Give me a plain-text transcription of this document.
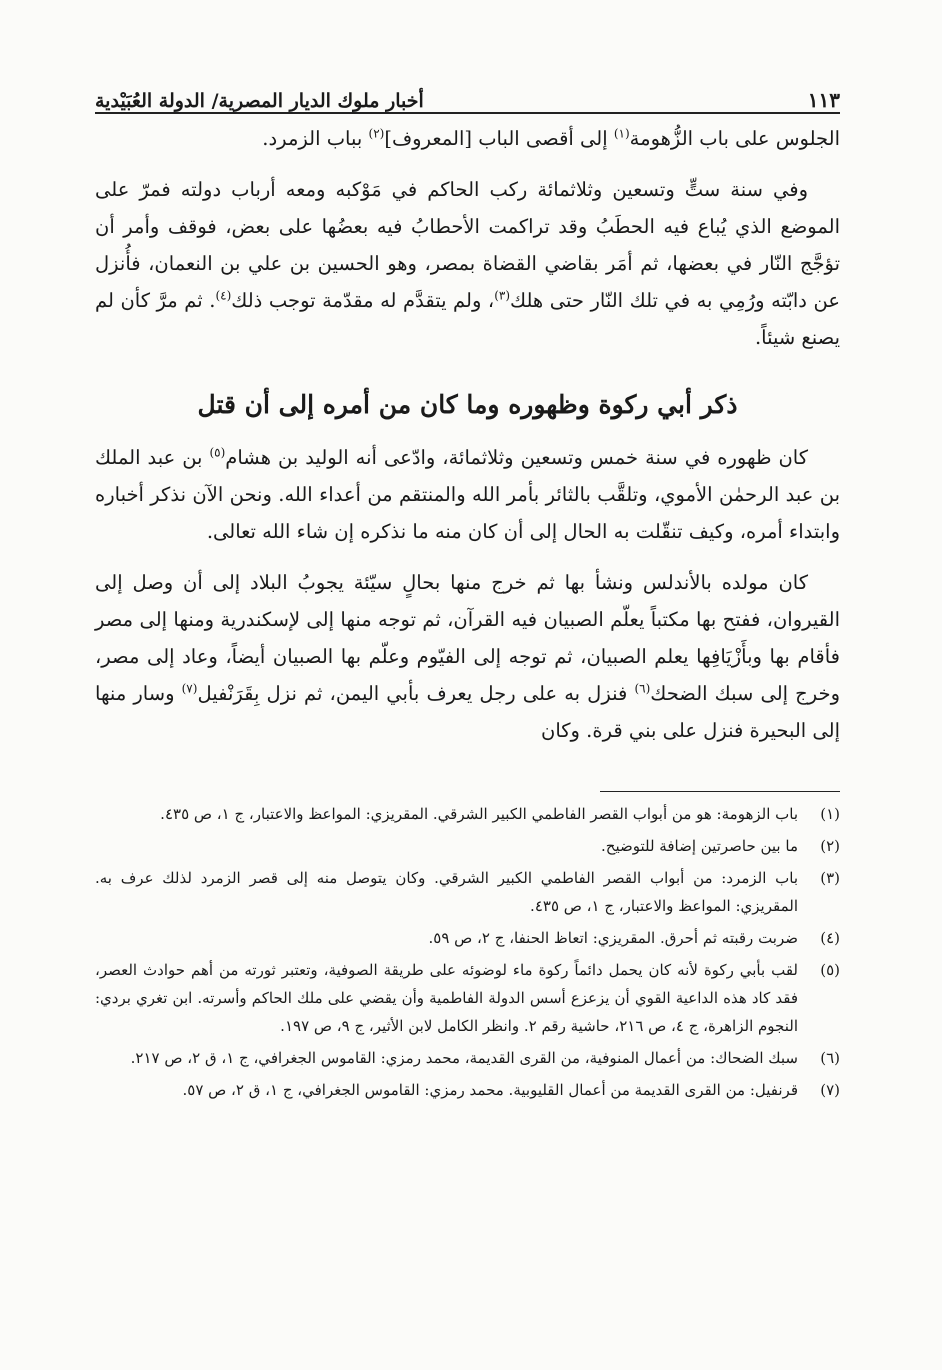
أخبار ملوك الديار المصرية/ الدولة العُبَيْدية	١١٣

الجلوس على باب الزُّهومة$^{(١)}$ إلى أقصى الباب [المعروف]$^{(٢)}$ بباب الزمرد.

وفي سنة ستٍّ وتسعين وثلاثمائة ركب الحاكم في مَوْكبه ومعه أرباب دولته فمرّ على الموضع الذي يُباع فيه الحطَبُ وقد تراكمت الأحطابُ فيه بعضُها على بعض، فوقف وأمر أن تؤجَّج النّار في بعضها، ثم أمَر بقاضي القضاة بمصر، وهو الحسين بن علي بن النعمان، فأُنزل عن دابّته ورُمِي به في تلك النّار حتى هلك$^{(٣)}$، ولم يتقدَّم له مقدّمة توجب ذلك$^{(٤)}$. ثم مرَّ كأن لم يصنع شيئاً.

ذكر أبي ركوة وظهوره وما كان من أمره إلى أن قتل

كان ظهوره في سنة خمس وتسعين وثلاثمائة، وادّعى أنه الوليد بن هشام$^{(٥)}$ بن عبد الملك بن عبد الرحمٰن الأموي، وتلقَّب بالثائر بأمر الله والمنتقم من أعداء الله. ونحن الآن نذكر أخباره وابتداء أمره، وكيف تنقّلت به الحال إلى أن كان منه ما نذكره إن شاء الله تعالى.

كان مولده بالأندلس ونشأ بها ثم خرج منها بحالٍ سيّئة يجوبُ البلاد إلى أن وصل إلى القيروان، ففتح بها مكتباً يعلّم الصبيان فيه القرآن، ثم توجه منها إلى لإسكندرية ومنها إلى مصر فأقام بها وبأَزْيَافِها يعلم الصبيان، ثم توجه إلى الفيّوم وعلّم بها الصبيان أيضاً، وعاد إلى مصر، وخرج إلى سبك الضحك$^{(٦)}$ فنزل به على رجل يعرف بأبي اليمن، ثم نزل بِقَرَنْفيل$^{(٧)}$ وسار منها إلى البحيرة فنزل على بني قرة. وكان

(١)
باب الزهومة: هو من أبواب القصر الفاطمي الكبير الشرقي. المقريزي: المواعظ والاعتبار، ج ١، ص ٤٣٥.
(٢)
ما بين حاصرتين إضافة للتوضيح.
(٣)
باب الزمرد: من أبواب القصر الفاطمي الكبير الشرقي. وكان يتوصل منه إلى قصر الزمرد لذلك عرف به. المقريزي: المواعظ والاعتبار، ج ١، ص ٤٣٥.
(٤)
ضربت رقبته ثم أحرق. المقريزي: اتعاظ الحنفا، ج ٢، ص ٥٩.
(٥)
لقب بأبي ركوة لأنه كان يحمل دائماً ركوة ماء لوضوئه على طريقة الصوفية، وتعتبر ثورته من أهم حوادث العصر، فقد كاد هذه الداعية القوي أن يزعزع أسس الدولة الفاطمية وأن يقضي على ملك الحاكم وأسرته. ابن تغري بردي: النجوم الزاهرة، ج ٤، ص ٢١٦، حاشية رقم ٢. وانظر الكامل لابن الأثير، ج ٩، ص ١٩٧.
(٦)
سبك الضحاك: من أعمال المنوفية، من القرى القديمة، محمد رمزي: القاموس الجغرافي، ج ١، ق ٢، ص ٢١٧.
(٧)
قرنفيل: من القرى القديمة من أعمال القليوبية. محمد رمزي: القاموس الجغرافي، ج ١، ق ٢، ص ٥٧.
